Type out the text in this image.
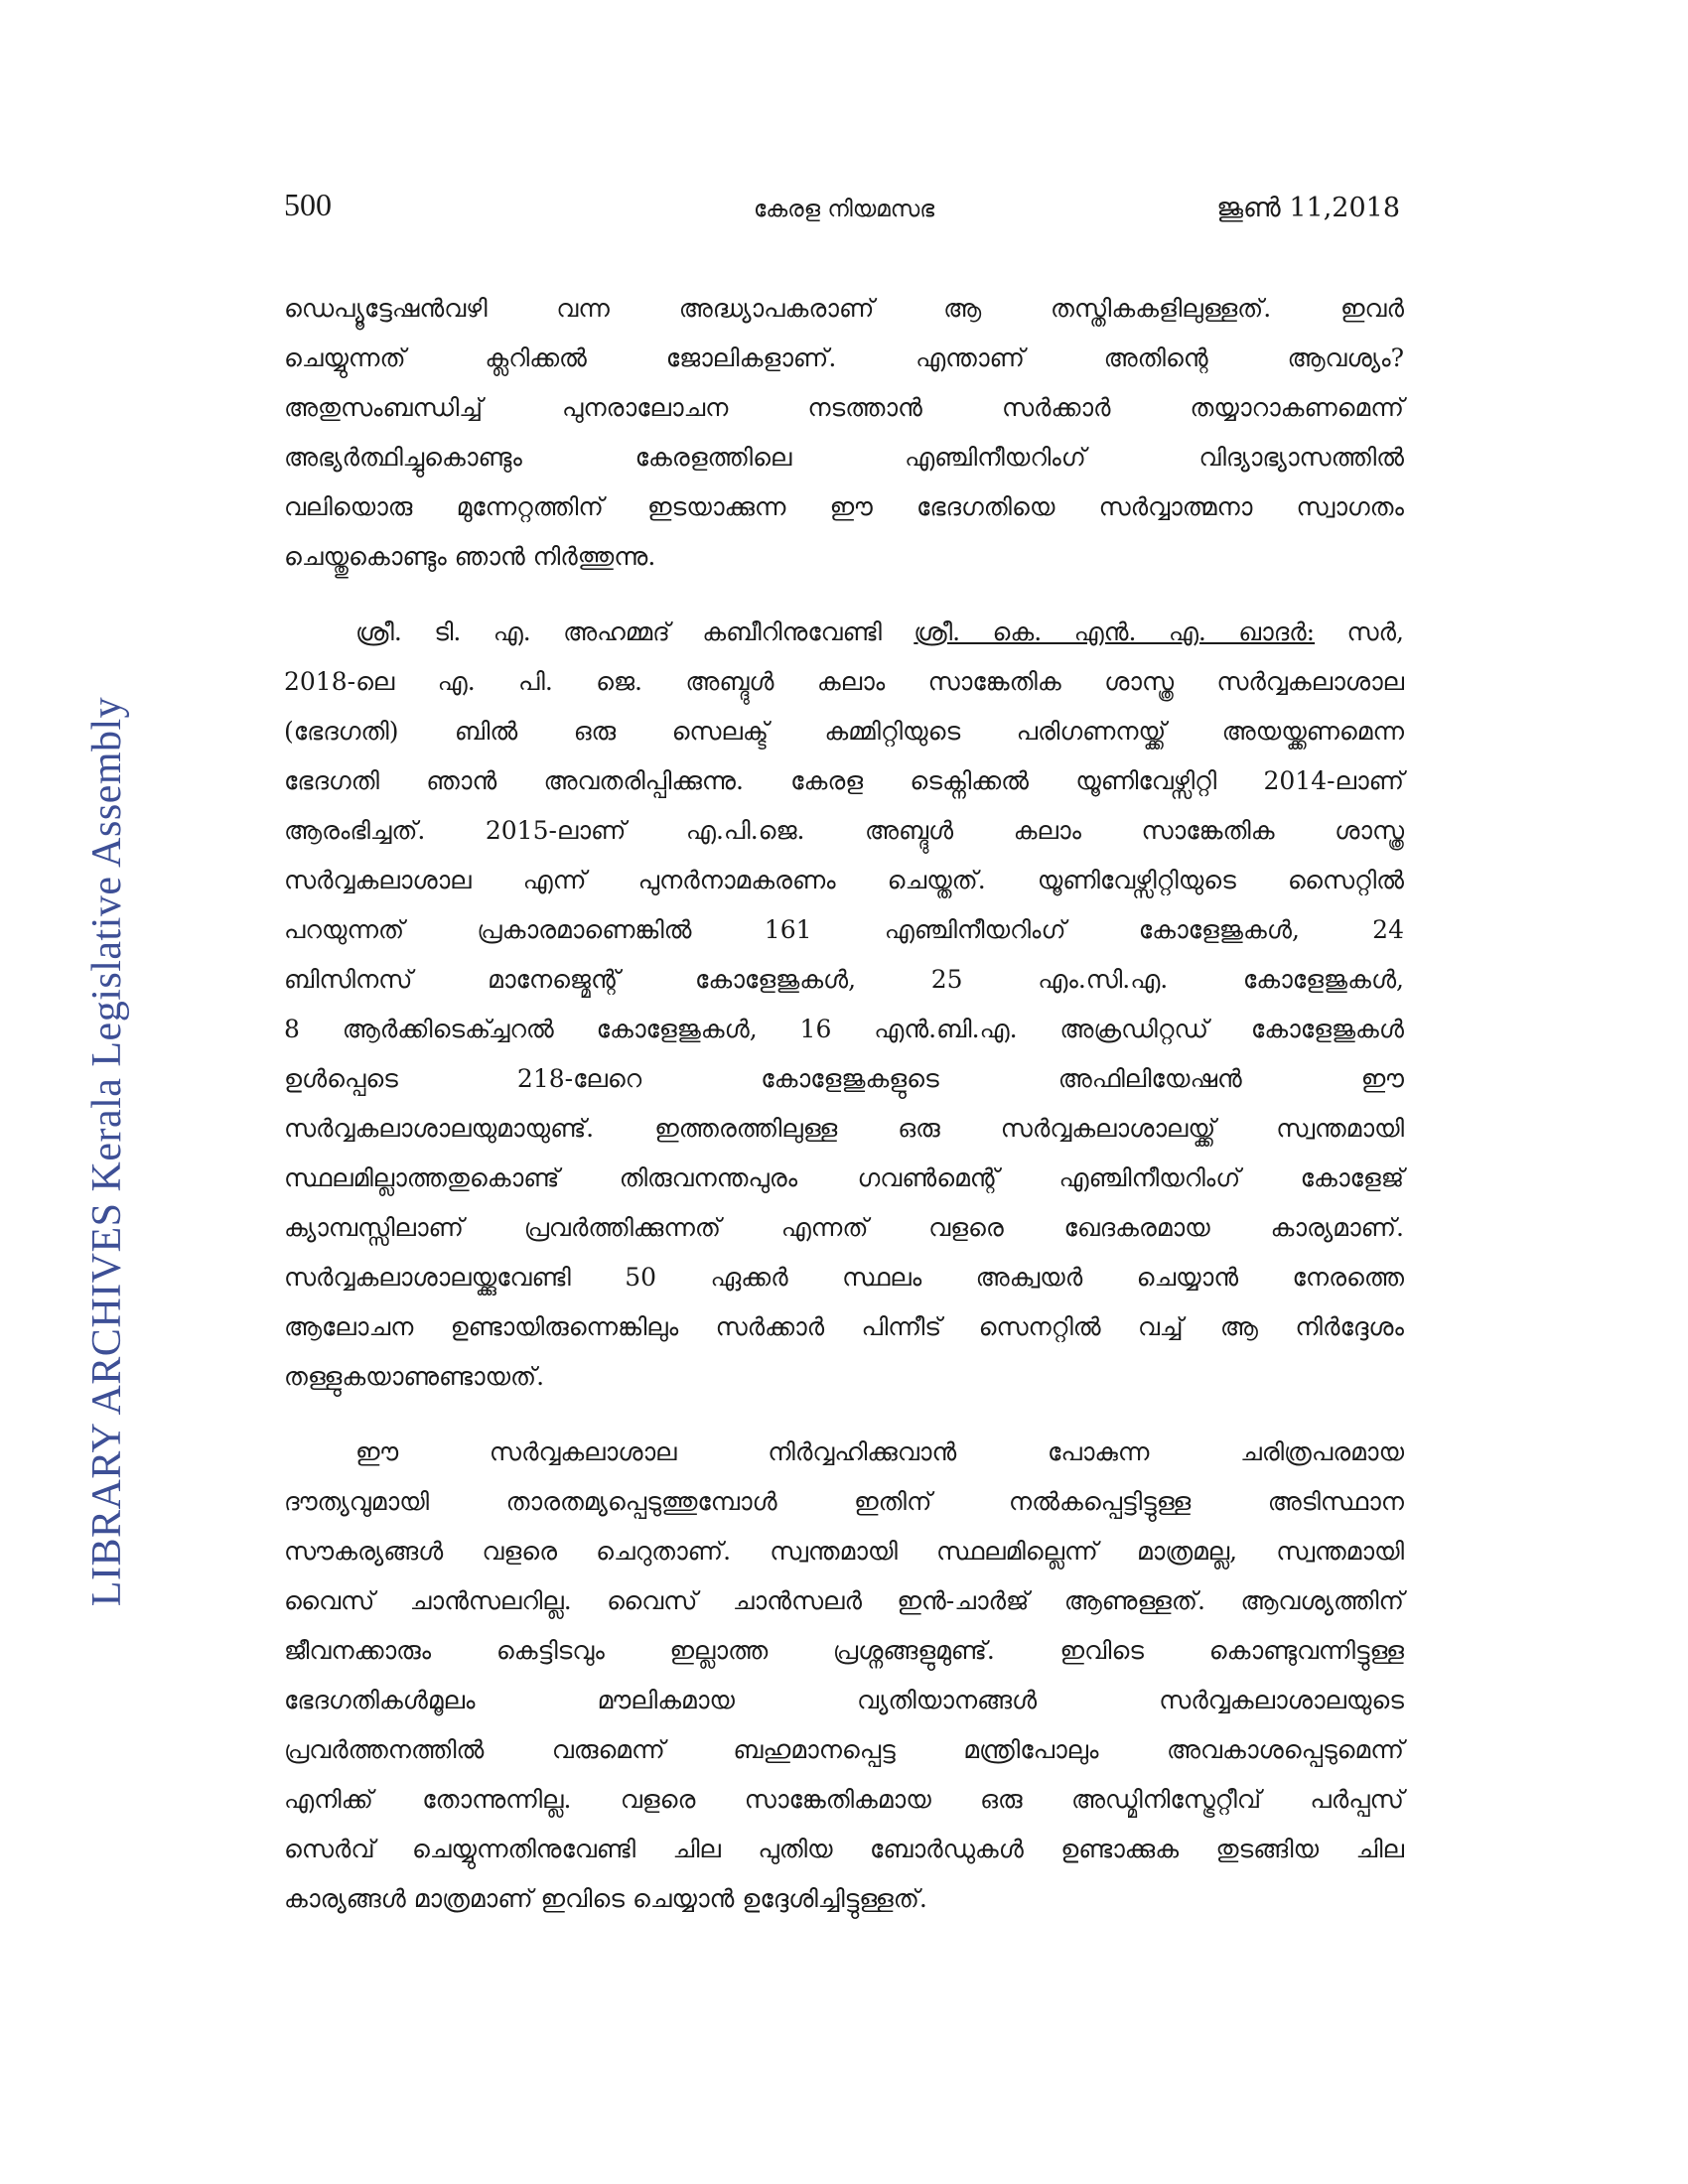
500	കേരള നിയമസഭ	ജൂൺ 11,2018
LIBRARY ARCHIVES Kerala Legislative Assembly
ഡെപ്യൂട്ടേഷൻവഴി വന്ന അദ്ധ്യാപകരാണ് ആ തസ്തികകളിലുള്ളത്. ഇവർ
ചെയ്യുന്നത് ക്ലറിക്കൽ ജോലികളാണ്. എന്താണ് അതിന്റെ ആവശ്യം?
അതുസംബന്ധിച്ച് പുനരാലോചന നടത്താൻ സർക്കാർ തയ്യാറാകണമെന്ന്
അഭ്യർത്ഥിച്ചുകൊണ്ടും കേരളത്തിലെ എഞ്ചിനീയറിംഗ് വിദ്യാഭ്യാസത്തിൽ
വലിയൊരു മുന്നേറ്റത്തിന് ഇടയാക്കുന്ന ഈ ഭേദഗതിയെ സർവ്വാത്മനാ സ്വാഗതം
ചെയ്തുകൊണ്ടും ഞാൻ നിർത്തുന്നു.
ശ്രീ. ടി. എ. അഹമ്മദ് കബീറിനുവേണ്ടി ശ്രീ. കെ. എൻ. എ. ഖാദർ: സർ,
2018-ലെ എ. പി. ജെ. അബ്ദുൾ കലാം സാങ്കേതിക ശാസ്ത്ര സർവ്വകലാശാല
(ഭേദഗതി) ബിൽ ഒരു സെലക്ട് കമ്മിറ്റിയുടെ പരിഗണനയ്ക്ക് അയയ്ക്കണമെന്ന
ഭേദഗതി ഞാൻ അവതരിപ്പിക്കുന്നു. കേരള ടെക്നിക്കൽ യൂണിവേഴ്സിറ്റി 2014-ലാണ്
ആരംഭിച്ചത്. 2015-ലാണ് എ.പി.ജെ. അബ്ദുൾ കലാം സാങ്കേതിക ശാസ്ത്ര
സർവ്വകലാശാല എന്ന് പുനർനാമകരണം ചെയ്തത്. യൂണിവേഴ്സിറ്റിയുടെ സൈറ്റിൽ
പറയുന്നത് പ്രകാരമാണെങ്കിൽ 161 എഞ്ചിനീയറിംഗ് കോളേജുകൾ, 24
ബിസിനസ് മാനേജ്മെന്റ് കോളേജുകൾ, 25 എം.സി.എ. കോളേജുകൾ,
8 ആർക്കിടെക്ച്ചറൽ കോളേജുകൾ, 16 എൻ.ബി.എ. അക്രഡിറ്റഡ് കോളേജുകൾ
ഉൾപ്പെടെ 218-ലേറെ കോളേജുകളുടെ അഫിലിയേഷൻ ഈ
സർവ്വകലാശാലയുമായുണ്ട്. ഇത്തരത്തിലുള്ള ഒരു സർവ്വകലാശാലയ്ക്ക് സ്വന്തമായി
സ്ഥലമില്ലാത്തതുകൊണ്ട് തിരുവനന്തപുരം ഗവൺമെന്റ് എഞ്ചിനീയറിംഗ് കോളേജ്
ക്യാമ്പസ്സിലാണ് പ്രവർത്തിക്കുന്നത് എന്നത് വളരെ ഖേദകരമായ കാര്യമാണ്.
സർവ്വകലാശാലയ്ക്കുവേണ്ടി 50 ഏക്കർ സ്ഥലം അക്വയർ ചെയ്യാൻ നേരത്തെ
ആലോചന ഉണ്ടായിരുന്നെങ്കിലും സർക്കാർ പിന്നീട് സെനറ്റിൽ വച്ച് ആ നിർദ്ദേശം
തള്ളുകയാണുണ്ടായത്.
ഈ സർവ്വകലാശാല നിർവ്വഹിക്കുവാൻ പോകുന്ന ചരിത്രപരമായ
ദൗത്യവുമായി താരതമ്യപ്പെടുത്തുമ്പോൾ ഇതിന് നൽകപ്പെട്ടിട്ടുള്ള അടിസ്ഥാന
സൗകര്യങ്ങൾ വളരെ ചെറുതാണ്. സ്വന്തമായി സ്ഥലമില്ലെന്ന് മാത്രമല്ല, സ്വന്തമായി
വൈസ് ചാൻസലറില്ല. വൈസ് ചാൻസലർ ഇൻ-ചാർജ് ആണുള്ളത്. ആവശ്യത്തിന്
ജീവനക്കാരും കെട്ടിടവും ഇല്ലാത്ത പ്രശ്നങ്ങളുമുണ്ട്. ഇവിടെ കൊണ്ടുവന്നിട്ടുള്ള
ഭേദഗതികൾമൂലം മൗലികമായ വ്യതിയാനങ്ങൾ സർവ്വകലാശാലയുടെ
പ്രവർത്തനത്തിൽ വരുമെന്ന് ബഹുമാനപ്പെട്ട മന്ത്രിപോലും അവകാശപ്പെടുമെന്ന്
എനിക്ക് തോന്നുന്നില്ല. വളരെ സാങ്കേതികമായ ഒരു അഡ്മിനിസ്ട്രേറ്റീവ് പർപ്പസ്
സെർവ് ചെയ്യുന്നതിനുവേണ്ടി ചില പുതിയ ബോർഡുകൾ ഉണ്ടാക്കുക തുടങ്ങിയ ചില
കാര്യങ്ങൾ മാത്രമാണ് ഇവിടെ ചെയ്യാൻ ഉദ്ദേശിച്ചിട്ടുള്ളത്.
